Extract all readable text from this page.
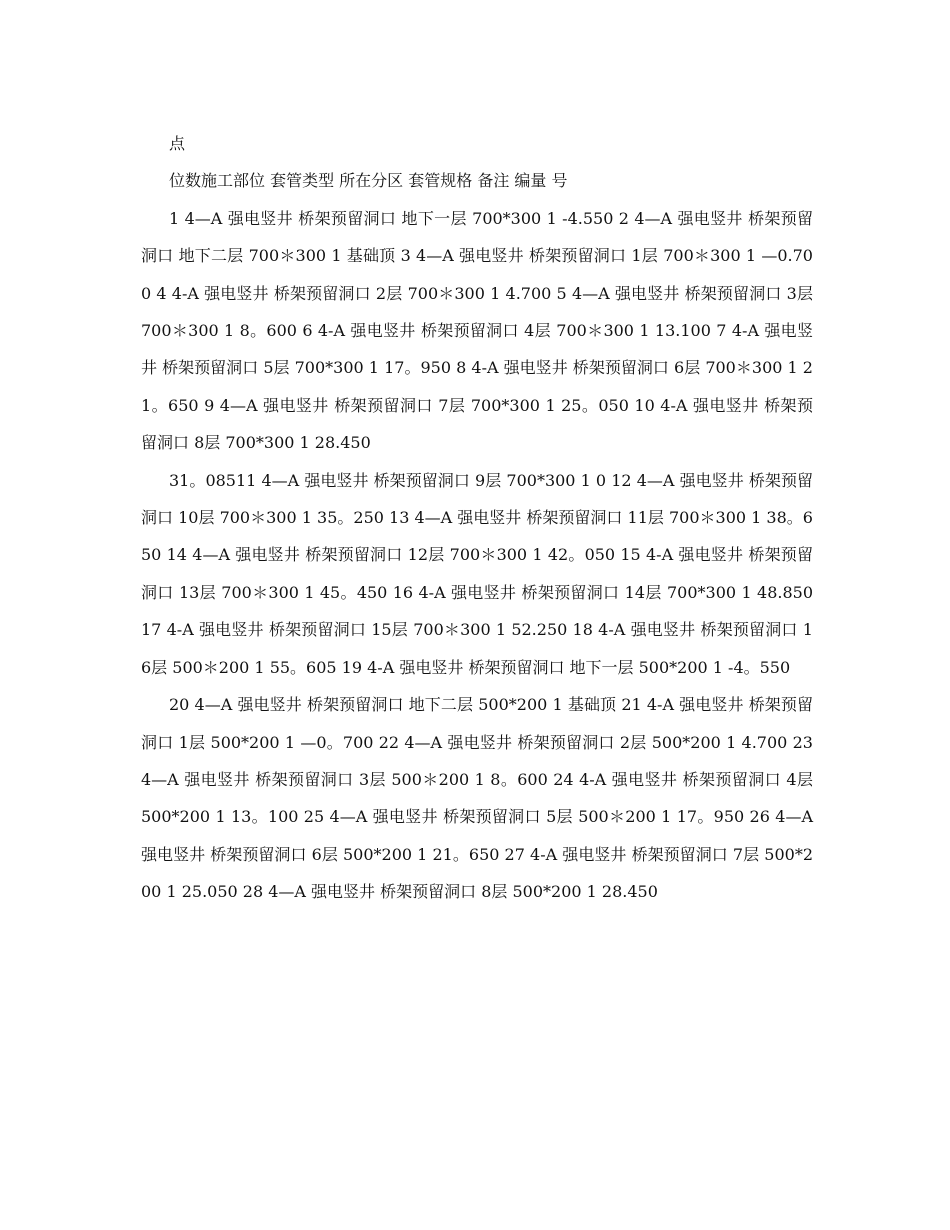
点

位数施工部位 套管类型 所在分区 套管规格 备注 编量 号

1 4—A 强电竖井 桥架预留洞口 地下一层 700*300 1 -4.550 2 4—A 强电竖井 桥架预留洞口 地下二层 700＊300 1 基础顶 3 4—A 强电竖井 桥架预留洞口 1层 700＊300 1 —0.700 4 4-A 强电竖井 桥架预留洞口 2层 700＊300 1 4.700 5 4—A 强电竖井 桥架预留洞口 3层 700＊300 1 8。600 6 4-A 强电竖井 桥架预留洞口 4层 700＊300 1 13.100 7 4-A 强电竖井 桥架预留洞口 5层 700*300 1 17。950 8 4-A 强电竖井 桥架预留洞口 6层 700＊300 1 21。650 9 4—A 强电竖井 桥架预留洞口 7层 700*300 1 25。050 10 4-A 强电竖井 桥架预留洞口 8层 700*300 1 28.450

31。08511 4—A 强电竖井 桥架预留洞口 9层 700*300 1 0 12 4—A 强电竖井 桥架预留洞口 10层 700＊300 1 35。250 13 4—A 强电竖井 桥架预留洞口 11层 700＊300 1 38。650 14 4—A 强电竖井 桥架预留洞口 12层 700＊300 1 42。050 15 4-A 强电竖井 桥架预留洞口 13层 700＊300 1 45。450 16 4-A 强电竖井 桥架预留洞口 14层 700*300 1 48.850 17 4-A 强电竖井 桥架预留洞口 15层 700＊300 1 52.250 18 4-A 强电竖井 桥架预留洞口 16层 500＊200 1 55。605 19 4-A 强电竖井 桥架预留洞口 地下一层 500*200 1 -4。550

20 4—A 强电竖井 桥架预留洞口 地下二层 500*200 1 基础顶 21 4-A 强电竖井 桥架预留洞口 1层 500*200 1 —0。700 22 4—A 强电竖井 桥架预留洞口 2层 500*200 1 4.700 23 4—A 强电竖井 桥架预留洞口 3层 500＊200 1 8。600 24 4-A 强电竖井 桥架预留洞口 4层 500*200 1 13。100 25 4—A 强电竖井 桥架预留洞口 5层 500＊200 1 17。950 26 4—A 强电竖井 桥架预留洞口 6层 500*200 1 21。650 27 4-A 强电竖井 桥架预留洞口 7层 500*200 1 25.050 28 4—A 强电竖井 桥架预留洞口 8层 500*200 1 28.450
